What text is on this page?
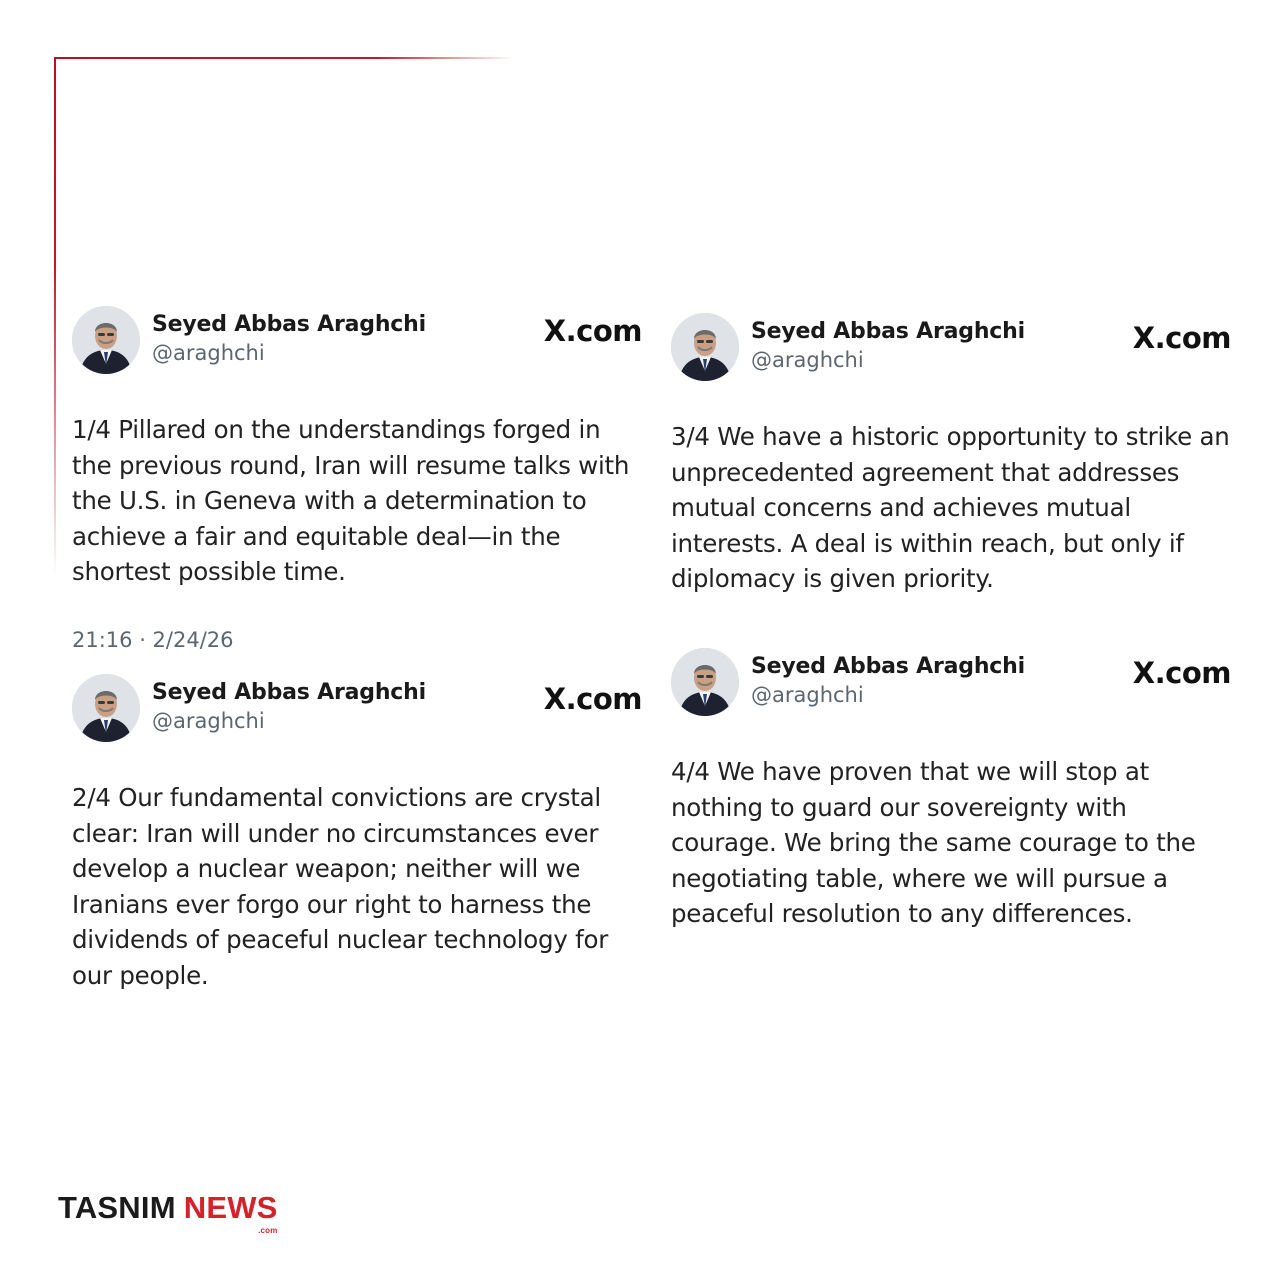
Seyed Abbas Araghchi
@araghchi
X.com
1/4 Pillared on the understandings forged in the previous round, Iran will resume talks with the U.S. in Geneva with a determination to achieve a fair and equitable deal—in the shortest possible time.
21:16 · 2/24/26
Seyed Abbas Araghchi
@araghchi
X.com
2/4 Our fundamental convictions are crystal clear: Iran will under no circumstances ever develop a nuclear weapon; neither will we Iranians ever forgo our right to harness the dividends of peaceful nuclear technology for our people.
Seyed Abbas Araghchi
@araghchi
X.com
3/4 We have a historic opportunity to strike an unprecedented agreement that addresses mutual concerns and achieves mutual interests. A deal is within reach, but only if diplomacy is given priority.
Seyed Abbas Araghchi
@araghchi
X.com
4/4 We have proven that we will stop at nothing to guard our sovereignty with courage. We bring the same courage to the negotiating table, where we will pursue a peaceful resolution to any differences.
TASNIM NEWS
.com
